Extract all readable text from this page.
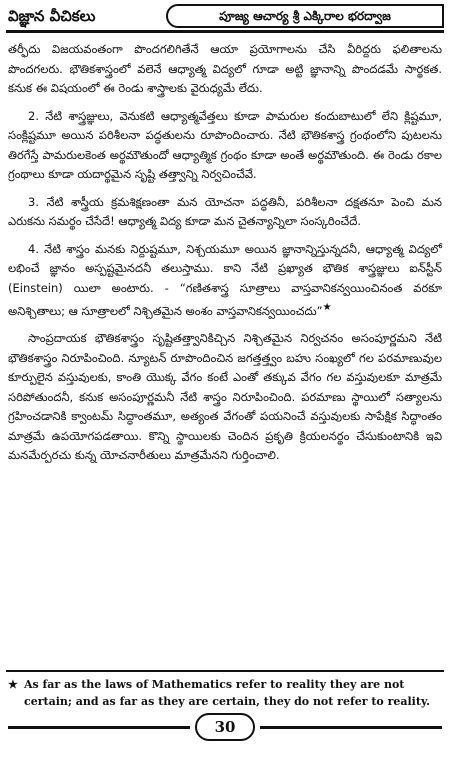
విజ్ఞాన వీచికలు	పూజ్య ఆచార్య శ్రీ ఎక్కిరాల భరద్వాజ

తర్ఫీదు విజయవంతంగా పొందగలిగితేనే ఆయా ప్రయోగాలను చేసి వీరిద్దరు ఫలితాలను పొందగలరు. భౌతికశాస్త్రంలో వలెనే ఆధ్యాత్మ విద్యలో గూడా అట్టి జ్ఞానాన్ని పొందడమే సార్థకత. కనుక ఈ విషయంలో ఈ రెండు శాస్త్రాలకు వైరుధ్యమే లేదు.

2. నేటి శాస్త్రజ్ఞులు, వెనుకటి ఆధ్యాత్మవేత్తలు కూడా పామరుల కందుబాటులో లేని క్లిష్టమూ, సంక్లిష్టమూ అయిన పరిశీలనా పద్ధతులను రూపొందించారు. నేటి భౌతికశాస్త్ర గ్రంథంలోని పుటలను తిరగేస్తే పామరులకెంత అర్థమౌతుందో ఆధ్యాత్మిక గ్రంథం కూడా అంతే అర్థమౌతుంది. ఈ రెండు రకాల గ్రంథాలు కూడా యదార్థమైన సృష్టి తత్త్వాన్ని నిర్వచించేవే.

3. నేటి శాస్త్రీయ క్రమశిక్షణంతా మన యోచనా పద్ధతినీ, పరిశీలనా దక్షతనూ పెంచి మన ఎరుకను సమర్థం చేసేదే! ఆధ్యాత్మ విద్య కూడా మన చైతన్యాన్నిలా సంస్కరించేదే.

4. నేటి శాస్త్రం మనకు నిర్దుష్టమూ, నిశ్చయమూ అయిన జ్ఞానాన్నిస్తున్నదనీ, ఆధ్యాత్మ విద్యలో లభించే జ్ఞానం అస్పష్టమైనదనీ తలుస్తాము. కాని నేటి ప్రఖ్యాత భౌతిక శాస్త్రజ్ఞులు ఐన్‌స్టీన్ (Einstein) యిలా అంటారు. - “గణితశాస్త్ర సూత్రాలు వాస్తవానికన్వయించినంత వరకూ అనిశ్చితాలు; ఆ సూత్రాలలో నిశ్చితమైన అంశం వాస్తవానికన్వయించదు”★

సాంప్రదాయక భౌతికశాస్త్రం సృష్టితత్త్వానికిచ్చిన నిశ్చితమైన నిర్వచనం అసంపూర్ణమని నేటి భౌతికశాస్త్రం నిరూపించింది. న్యూటన్ రూపొందించిన జగత్తత్త్వం బహు సంఖ్యలో గల పరమాణువుల కూర్పులైన వస్తువులకు, కాంతి యొక్క వేగం కంటే ఎంతో తక్కువ వేగం గల వస్తువులకూ మాత్రమే సరిపోతుందనీ, కనుక అసంపూర్ణమనీ నేటి శాస్త్రం నిరూపించింది. పరమాణు స్థాయిలో సత్యాలను గ్రహించడానికి క్వాంటమ్ సిద్ధాంతమూ, అత్యంత వేగంతో పయనించే వస్తువులకు సాపేక్షిక సిద్ధాంతం మాత్రమే ఉపయోగపడతాయి. కొన్ని స్థాయిలకు చెందిన ప్రకృతి క్రియలనర్థం చేసుకుంటానికి ఇవి మనమేర్పరచు కున్న యోచనారీతులు మాత్రమేనని గుర్తించాలి.

★ As far as the laws of Mathematics refer to reality they are not certain; and as far as they are certain, they do not refer to reality.
30
